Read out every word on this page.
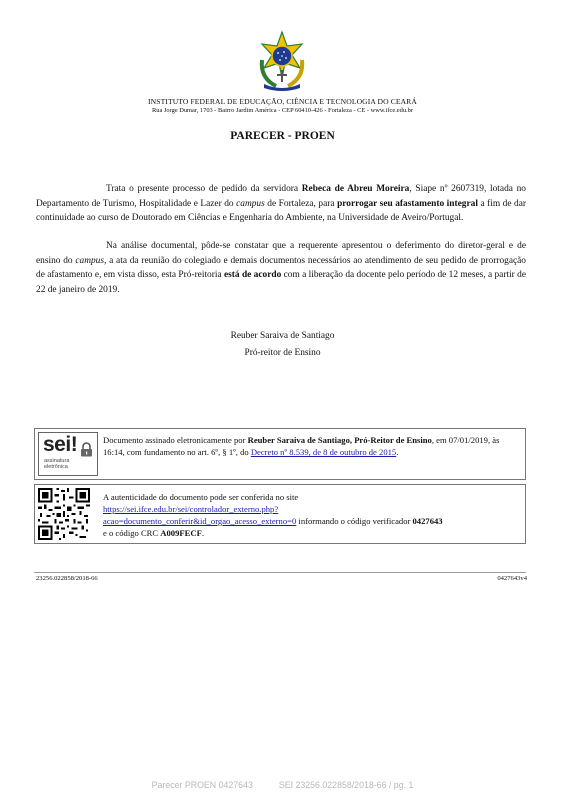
INSTITUTO FEDERAL DE EDUCAÇÃO, CIÊNCIA E TECNOLOGIA DO CEARÁ
Rua Jorge Dumar, 1703 - Bairro Jardim América - CEP 60410-426 - Fortaleza - CE - www.ifce.edu.br
PARECER - PROEN

Trata o presente processo de pedido da servidora Rebeca de Abreu Moreira, Siape nº 2607319, lotada no Departamento de Turismo, Hospitalidade e Lazer do campus de Fortaleza, para prorrogar seu afastamento integral a fim de dar continuidade ao curso de Doutorado em Ciências e Engenharia do Ambiente, na Universidade de Aveiro/Portugal.

Na análise documental, pôde-se constatar que a requerente apresentou o deferimento do diretor-geral e de ensino do campus, a ata da reunião do colegiado e demais documentos necessários ao atendimento de seu pedido de prorrogação de afastamento e, em vista disso, esta Pró-reitoria está de acordo com a liberação da docente pelo período de 12 meses, a partir de 22 de janeiro de 2019.

Reuber Saraiva de Santiago
Pró-reitor de Ensino
sei!
assinatura
eletrônica

Documento assinado eletronicamente por Reuber Saraiva de Santiago, Pró-Reitor de Ensino, em 07/01/2019, às 16:14, com fundamento no art. 6º, § 1º, do Decreto nº 8.539, de 8 de outubro de 2015.

A autenticidade do documento pode ser conferida no site
https://sei.ifce.edu.br/sei/controlador_externo.php?
acao=documento_conferir&id_orgao_acesso_externo=0 informando o código verificador 0427643
e o código CRC A009FECF.

23256.022858/2018-66	0427643v4
Parecer PROEN 0427643	SEI 23256.022858/2018-66 / pg. 1
